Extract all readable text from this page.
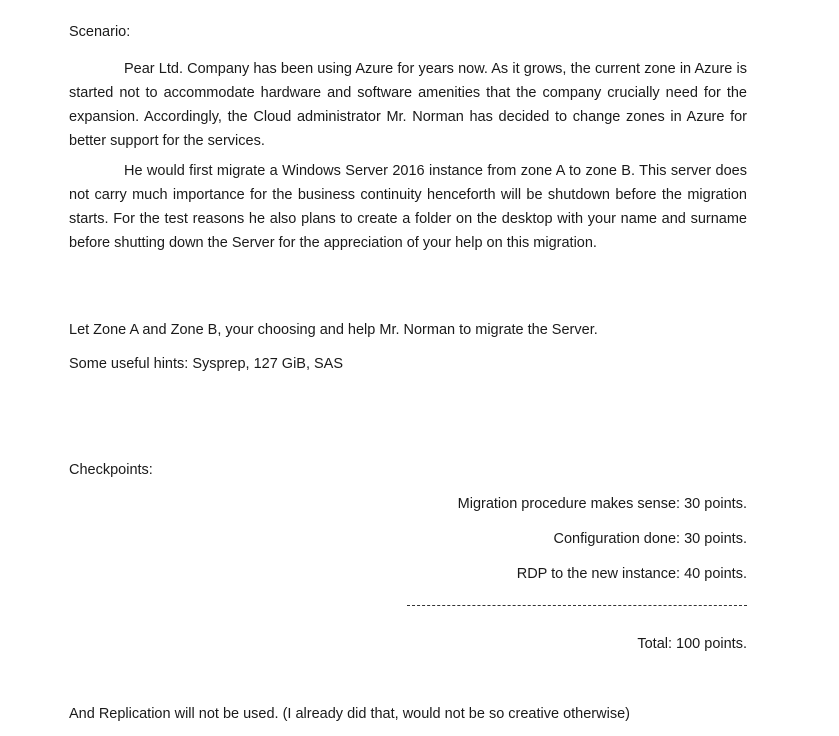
Scenario:
Pear Ltd. Company has been using Azure for years now. As it grows, the current zone in Azure is started not to accommodate hardware and software amenities that the company crucially need for the expansion. Accordingly, the Cloud administrator Mr. Norman has decided to change zones in Azure for better support for the services.
He would first migrate a Windows Server 2016 instance from zone A to zone B. This server does not carry much importance for the business continuity henceforth will be shutdown before the migration starts. For the test reasons he also plans to create a folder on the desktop with your name and surname before shutting down the Server for the appreciation of your help on this migration.
Let Zone A and Zone B, your choosing and help Mr. Norman to migrate the Server.
Some useful hints: Sysprep, 127 GiB, SAS
Checkpoints:
Migration procedure makes sense: 30 points.
Configuration done: 30 points.
RDP to the new instance: 40 points.
Total: 100 points.
And Replication will not be used. (I already did that, would not be so creative otherwise)
